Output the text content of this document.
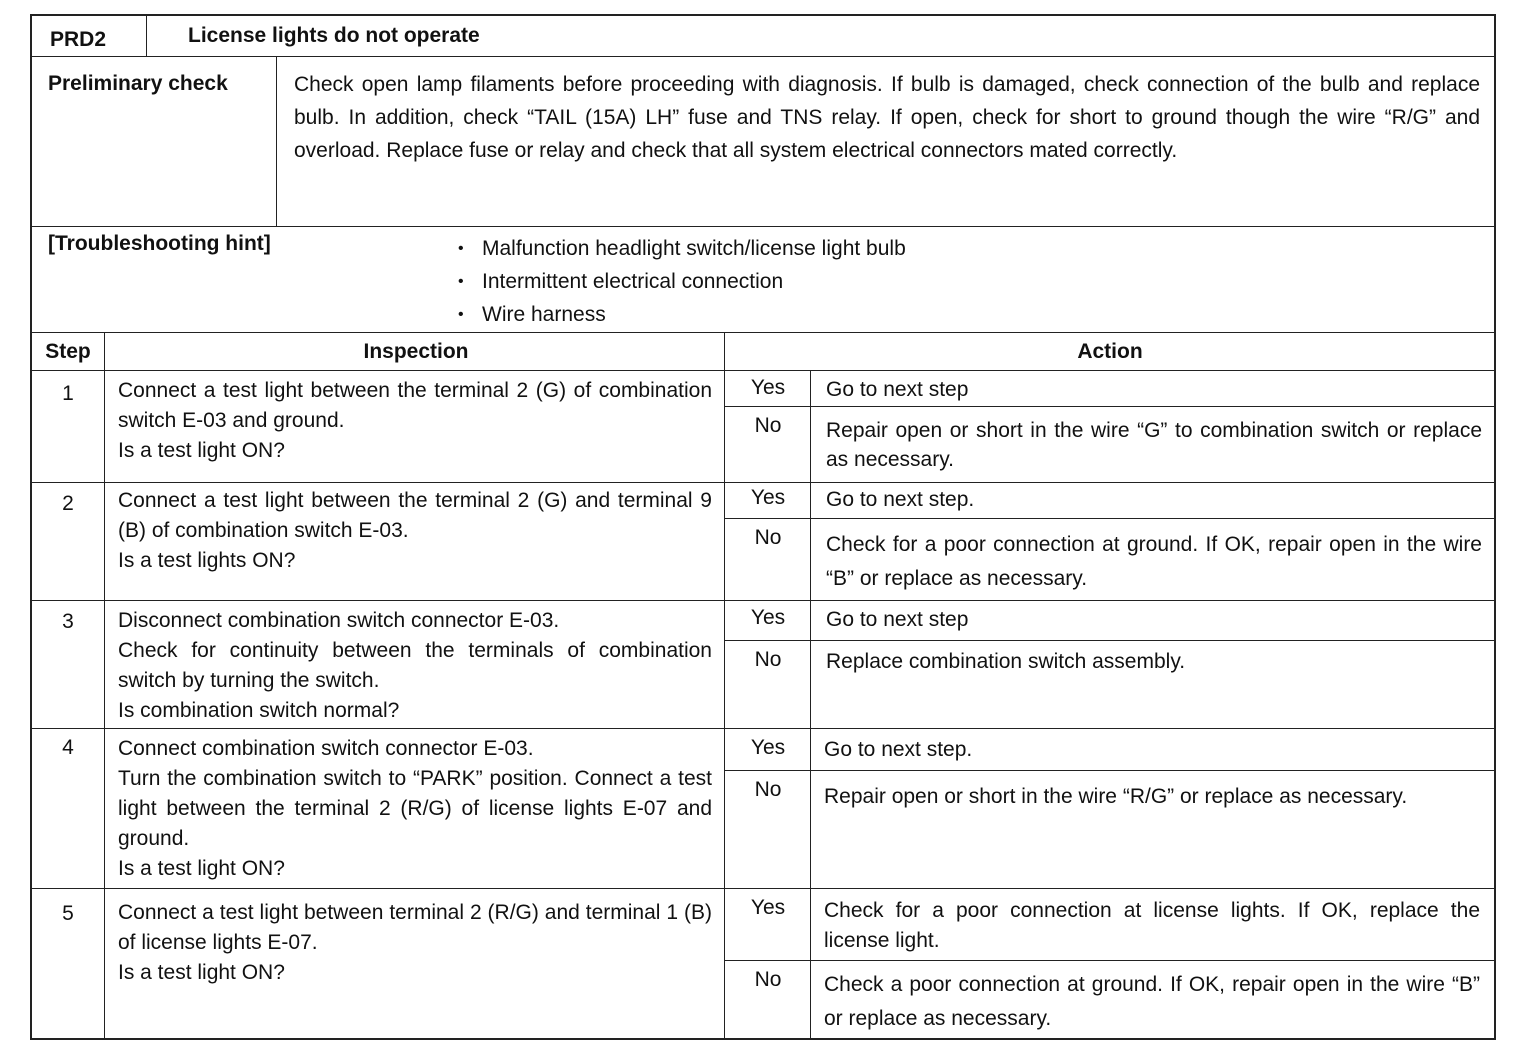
PRD2	License lights do not operate
Preliminary check	Check open lamp filaments before proceeding with diagnosis. If bulb is damaged, check connection of the bulb and replace bulb. In addition, check “TAIL (15A) LH” fuse and TNS relay. If open, check for short to ground though the wire “R/G” and overload. Replace fuse or relay and check that all system electrical connectors mated correctly.
[Troubleshooting hint]
•	Malfunction headlight switch/license light bulb
• Intermittent electrical connection
• Wire harness
Step	Inspection	Action
1	Connect a test light between the terminal 2 (G) of combination switch E-03 and ground.
Is a test light ON?
Yes	Go to next step
No	Repair open or short in the wire “G” to combination switch or replace as necessary.
2	Connect a test light between the terminal 2 (G) and terminal 9 (B) of combination switch E-03.
Is a test lights ON?
Yes	Go to next step.
No	Check for a poor connection at ground. If OK, repair open in the wire “B” or replace as necessary.
3	Disconnect combination switch connector E-03.
Check for continuity between the terminals of combination switch by turning the switch.
Is combination switch normal?
Yes	Go to next step
No	Replace combination switch assembly.
4	Connect combination switch connector E-03.
Turn the combination switch to “PARK” position. Connect a test light between the terminal 2 (R/G) of license lights E-07 and ground.
Is a test light ON?
Yes	Go to next step.
No	Repair open or short in the wire “R/G” or replace as necessary.
5	Connect a test light between terminal 2 (R/G) and terminal 1 (B) of license lights E-07.
Is a test light ON?
Yes	Check for a poor connection at license lights. If OK, replace the license light.
No	Check a poor connection at ground. If OK, repair open in the wire “B” or replace as necessary.
